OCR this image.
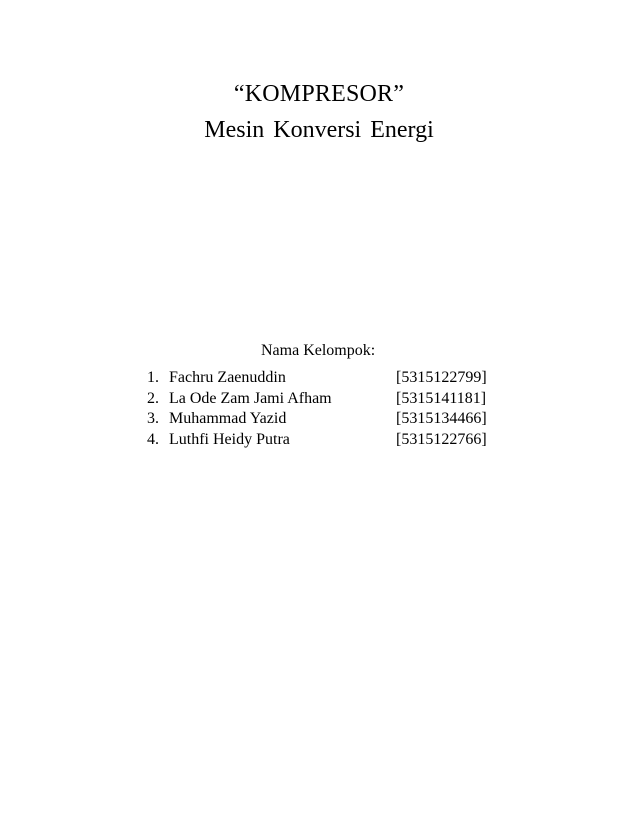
“KOMPRESOR”
Mesin Konversi Energi

Nama Kelompok:

1. Fachru Zaenuddin	[5315122799]
2. La Ode Zam Jami Afham	[5315141181]
3. Muhammad Yazid	[5315134466]
4. Luthfi Heidy Putra	[5315122766]
